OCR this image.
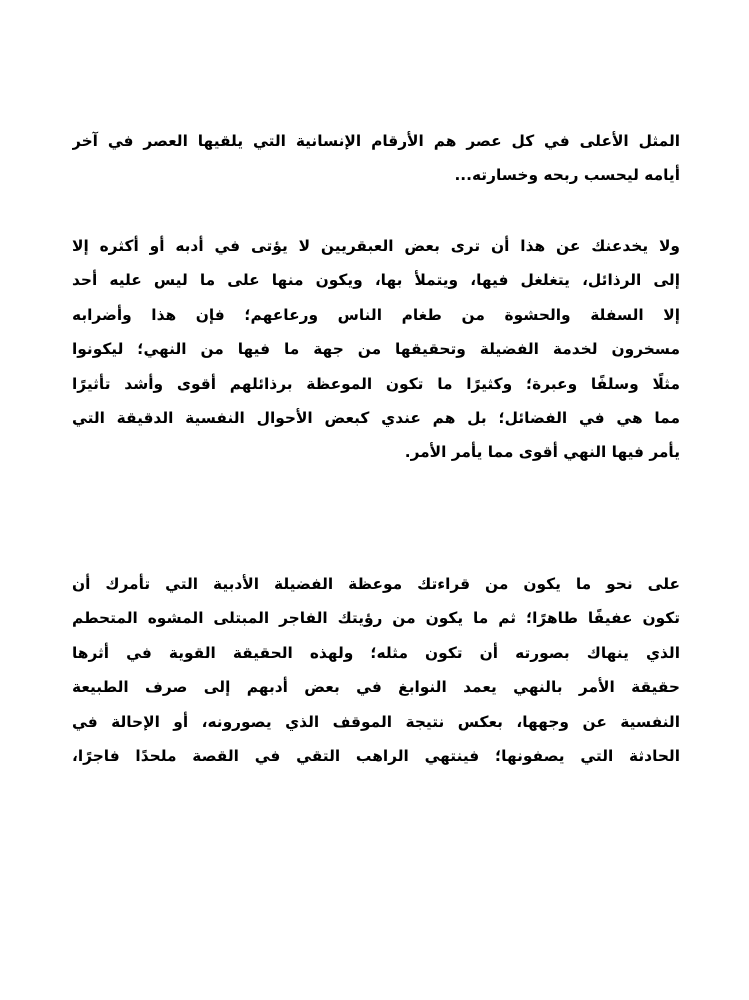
المثل الأعلى في كل عصر هم الأرقام الإنسانية التي يلقيها العصر في آخر
أيامه ليحسب ربحه وخسارته...
ولا يخدعنك عن هذا أن ترى بعض العبقريين لا يؤتى في أدبه أو أكثره إلا
إلى الرذائل، يتغلغل فيها، ويتملأ بها، ويكون منها على ما ليس عليه أحد
إلا السفلة والحشوة من طغام الناس ورعاعهم؛ فإن هذا وأضرابه
مسخرون لخدمة الفضيلة وتحقيقها من جهة ما فيها من النهي؛ ليكونوا
مثلًا وسلفًا وعبرة؛ وكثيرًا ما تكون الموعظة برذائلهم أقوى وأشد تأثيرًا
مما هي في الفضائل؛ بل هم عندي كبعض الأحوال النفسية الدقيقة التي
يأمر فيها النهي أقوى مما يأمر الأمر.
على نحو ما يكون من قراءتك موعظة الفضيلة الأدبية التي تأمرك أن
تكون عفيفًا طاهرًا؛ ثم ما يكون من رؤيتك الفاجر المبتلى المشوه المتحطم
الذي ينهاك بصورته أن تكون مثله؛ ولهذه الحقيقة القوية في أثرها
حقيقة الأمر بالنهي يعمد النوابغ في بعض أدبهم إلى صرف الطبيعة
النفسية عن وجهها، بعكس نتيجة الموقف الذي يصورونه، أو الإحالة في
الحادثة التي يصفونها؛ فينتهي الراهب التقي في القصة ملحدًا فاجرًا،
